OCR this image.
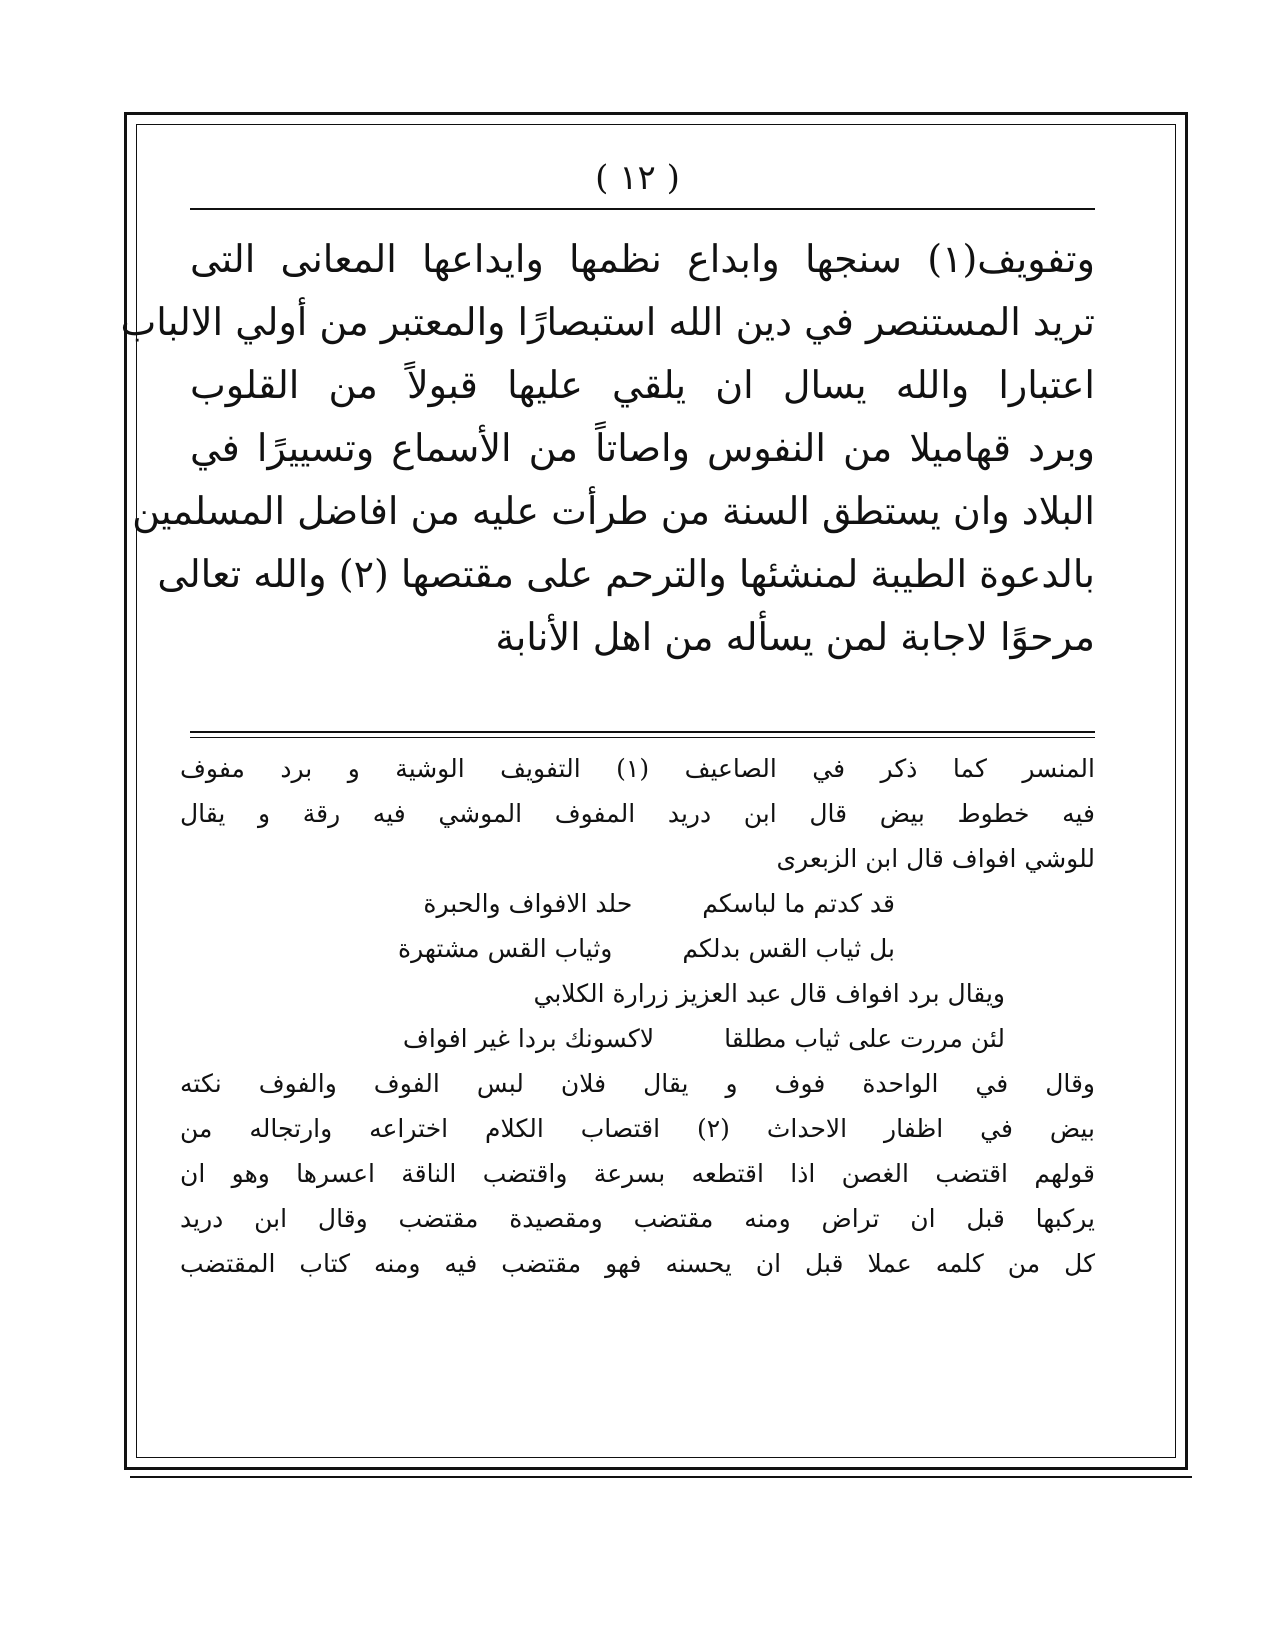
( ١٢ )
وتفويف(١) سنجها وابداع نظمها وايداعها المعانى التى
تريد المستنصر في دين الله استبصارًا والمعتبر من أولي الالباب
اعتبارا والله يسال ان يلقي عليها قبولاً من القلوب
وبرد قهاميلا من النفوس واصاتاً من الأسماع وتسييرًا في
البلاد وان يستطق السنة من طرأت عليه من افاضل المسلمين
بالدعوة الطيبة لمنشئها والترحم على مقتصها (٢) والله تعالى
مرحوًا لاجابة لمن يسأله من اهل الأنابة
المنسر كما ذكر في الصاعيف (١) التفويف الوشية و برد مفوف
فيه خطوط بيض قال ابن دريد المفوف الموشي فيه رقة و يقال
للوشي افواف قال ابن الزبعرى
قد كدتم ما لباسكم
حلد الافواف والحبرة
بل ثياب القس بدلكم
وثياب القس مشتهرة
ويقال برد افواف قال عبد العزيز زرارة الكلابي
لئن مررت على ثياب مطلقا
لاكسونك بردا غير افواف
وقال في الواحدة فوف و يقال فلان لبس الفوف والفوف نكته
بيض في اظفار الاحداث (٢) اقتصاب الكلام اختراعه وارتجاله من
قولهم اقتضب الغصن اذا اقتطعه بسرعة واقتضب الناقة اعسرها وهو ان
يركبها قبل ان تراض ومنه مقتضب ومقصيدة مقتضب وقال ابن دريد
كل من كلمه عملا قبل ان يحسنه فهو مقتضب فيه ومنه كتاب المقتضب
